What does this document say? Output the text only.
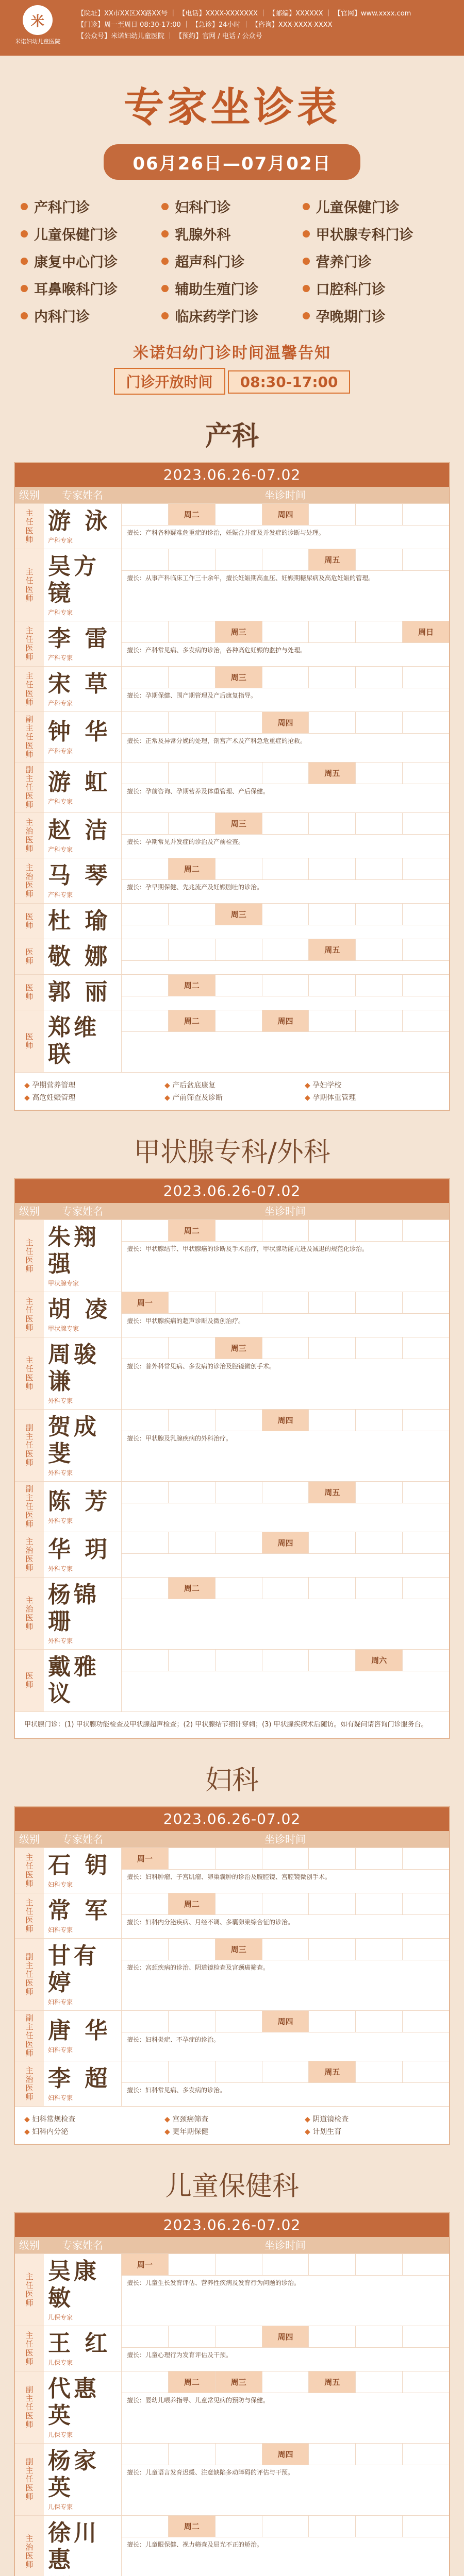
米
米诺妇幼儿童医院
【院址】XX市XX区XX路XX号 ｜ 【电话】XXXX-XXXXXXX ｜ 【邮编】XXXXXX ｜ 【官网】www.xxxx.com
【门诊】周一至周日 08:30-17:00 ｜ 【急诊】24小时 ｜ 【咨询】XXX-XXXX-XXXX
【公众号】米诺妇幼儿童医院 ｜ 【预约】官网 / 电话 / 公众号
专家坐诊表
06月26日—07月02日
产科门诊	妇科门诊	儿童保健门诊
儿童保健门诊	乳腺外科	甲状腺专科门诊
康复中心门诊	超声科门诊	营养门诊
耳鼻喉科门诊	辅助生殖门诊	口腔科门诊
内科门诊	临床药学门诊	孕晚期门诊
米诺妇幼门诊时间温馨告知
门诊开放时间 08:30-17:00
产科
2023.06.26-07.02
级别	专家姓名	坐诊时间
主任医师 游 泳
产科专家
周二	周四
擅长：产科各种疑难危重症的诊治，妊娠合并症及并发症的诊断与处理。
主任医师
吴方镜
产科专家
周五
擅长：从事产科临床工作三十余年，擅长妊娠期高血压、妊娠期糖尿病及高危妊娠的管理。
主任医师 李 雷
产科专家
周三	周日
擅长：产科常见病、多发病的诊治，各种高危妊娠的监护与处理。
主任医师 宋 草
产科专家
周三
擅长：孕期保健、围产期管理及产后康复指导。
副主任医师 钟 华
产科专家
周四
擅长：正常及异常分娩的处理，剖宫产术及产科急危重症的抢救。
副主任医师 游 虹
产科专家
周五
擅长：孕前咨询、孕期营养及体重管理、产后保健。
主治医师 赵 洁
产科专家
周三
擅长：孕期常见并发症的诊治及产前检查。
主治医师 马 琴
产科专家
周二
擅长：孕早期保健、先兆流产及妊娠剧吐的诊治。
医师 杜 瑜	周三
医师 敬 娜	周五
医师 郭 丽	周二
医师
郑维联
周二	周四
◆ 孕期营养管理	◆ 产后盆底康复	◆ 孕妇学校
◆ 高危妊娠管理	◆ 产前筛查及诊断	◆ 孕期体重管理
甲状腺专科/外科
2023.06.26-07.02
级别	专家姓名	坐诊时间
主任医师
朱翔强
甲状腺专家
周二
擅长：甲状腺结节、甲状腺癌的诊断及手术治疗，甲状腺功能亢进及减退的规范化诊治。
主任医师 胡 凌
甲状腺专家
周一
擅长：甲状腺疾病的超声诊断及微创治疗。
主任医师
周骏谦
外科专家
周三
擅长：普外科常见病、多发病的诊治及腔镜微创手术。
副主任医师 贺成斐
外科专家
周四
擅长：甲状腺及乳腺疾病的外科治疗。
副主任医师 陈 芳
外科专家
周五
主治医师 华 玥
外科专家
周四
主治医师
杨锦珊
外科专家
周二
医师
戴雅议
周六
甲状腺门诊：(1) 甲状腺功能检查及甲状腺超声检查；(2) 甲状腺结节细针穿刺；(3) 甲状腺疾病术后随访。如有疑问请咨询门诊服务台。
妇科
2023.06.26-07.02
级别	专家姓名	坐诊时间
主任医师 石 钥
妇科专家
周一
擅长：妇科肿瘤、子宫肌瘤、卵巢囊肿的诊治及腹腔镜、宫腔镜微创手术。
主任医师 常 军
妇科专家
周二
擅长：妇科内分泌疾病、月经不调、多囊卵巢综合征的诊治。
副主任医师 甘有婷
妇科专家
周三
擅长：宫颈疾病的诊治、阴道镜检查及宫颈癌筛查。
副主任医师 唐 华
妇科专家
周四
擅长：妇科炎症、不孕症的诊治。
主治医师 李 超
妇科专家
周五
擅长：妇科常见病、多发病的诊治。
◆ 妇科常规检查	◆ 宫颈癌筛查	◆ 阴道镜检查
◆ 妇科内分泌	◆ 更年期保健	◆ 计划生育
儿童保健科
2023.06.26-07.02
级别	专家姓名	坐诊时间
主任医师
吴康敏
儿保专家
周一
擅长：儿童生长发育评估、营养性疾病及发育行为问题的诊治。
主任医师 王 红
儿保专家
周四
擅长：儿童心理行为发育评估及干预。
副主任医师 代惠英
儿保专家
周二	周三	周五
擅长：婴幼儿喂养指导、儿童常见病的预防与保健。
副主任医师 杨家英
儿保专家
周四
擅长：儿童语言发育迟缓、注意缺陷多动障碍的评估与干预。
主治医师
徐川惠
周二
擅长：儿童眼保健、视力筛查及屈光不正的矫治。
